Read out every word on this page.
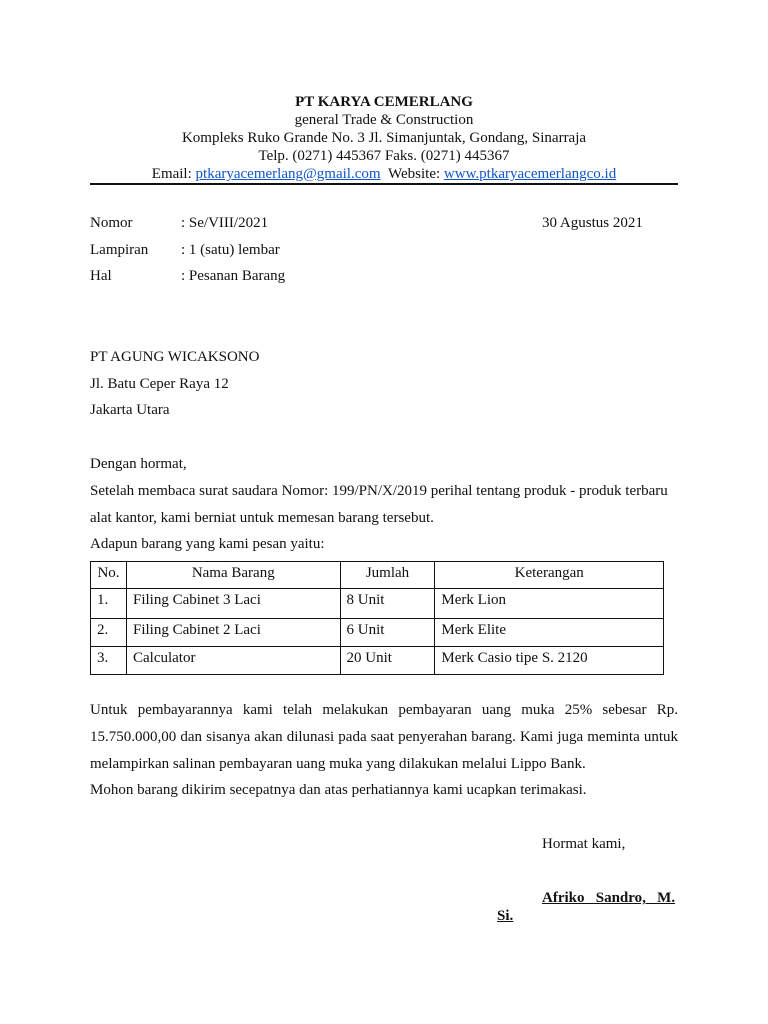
PT KARYA CEMERLANG
general Trade & Construction
Kompleks Ruko Grande No. 3 Jl. Simanjuntak, Gondang, Sinarraja
Telp. (0271) 445367 Faks. (0271) 445367
Email: ptkaryacemerlang@gmail.com Website: www.ptkaryacemerlangco.id
Nomor	: Se/VIII/2021	30 Agustus 2021
Lampiran : 1 (satu) lembar
Hal	: Pesanan Barang
PT AGUNG WICAKSONO
Jl. Batu Ceper Raya 12
Jakarta Utara
Dengan hormat,
Setelah membaca surat saudara Nomor: 199/PN/X/2019 perihal tentang produk - produk terbaru alat kantor, kami berniat untuk memesan barang tersebut.
Adapun barang yang kami pesan yaitu:
No.	Nama Barang	Jumlah	Keterangan
1.	Filing Cabinet 3 Laci	8 Unit	Merk Lion
2.	Filing Cabinet 2 Laci	6 Unit	Merk Elite
3.	Calculator	20 Unit	Merk Casio tipe S. 2120
Untuk pembayarannya kami telah melakukan pembayaran uang muka 25% sebesar Rp. 15.750.000,00 dan sisanya akan dilunasi pada saat penyerahan barang. Kami juga meminta untuk melampirkan salinan pembayaran uang muka yang dilakukan melalui Lippo Bank.
Mohon barang dikirim secepatnya dan atas perhatiannya kami ucapkan terimakasi.
Hormat kami,
Afriko   Sandro,   M.
Si.
